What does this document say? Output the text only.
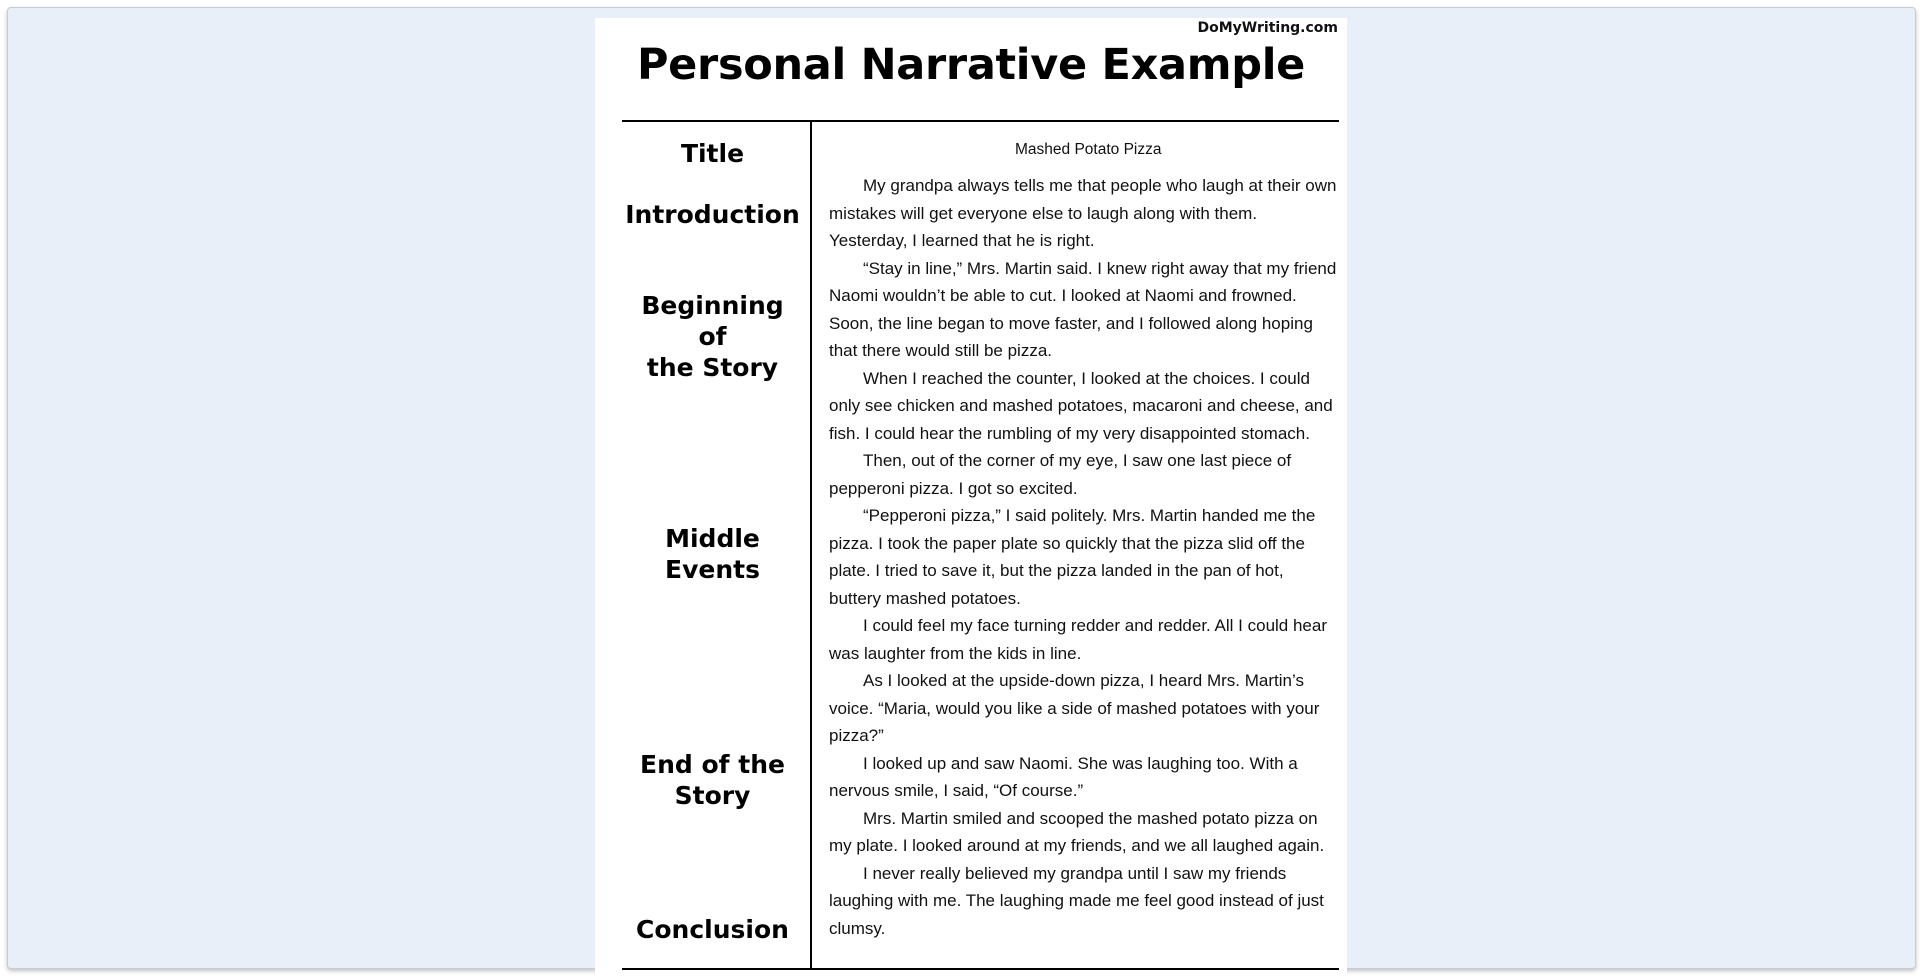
DoMyWriting.com
Personal Narrative Example
Title
Introduction
Beginning of
the Story
Middle Events
End of the
Story
Conclusion
Mashed Potato Pizza

My grandpa always tells me that people who laugh at their own mistakes will get everyone else to laugh along with them. Yesterday, I learned that he is right.

“Stay in line,” Mrs. Martin said. I knew right away that my friend Naomi wouldn’t be able to cut. I looked at Naomi and frowned. Soon, the line began to move faster, and I followed along hoping that there would still be pizza.

When I reached the counter, I looked at the choices. I could only see chicken and mashed potatoes, macaroni and cheese, and fish. I could hear the rumbling of my very disappointed stomach.

Then, out of the corner of my eye, I saw one last piece of pepperoni pizza. I got so excited.

“Pepperoni pizza,” I said politely. Mrs. Martin handed me the pizza. I took the paper plate so quickly that the pizza slid off the plate. I tried to save it, but the pizza landed in the pan of hot, buttery mashed potatoes.

I could feel my face turning redder and redder. All I could hear was laughter from the kids in line.

As I looked at the upside-down pizza, I heard Mrs. Martin’s voice. “Maria, would you like a side of mashed potatoes with your pizza?”

I looked up and saw Naomi. She was laughing too. With a nervous smile, I said, “Of course.”

Mrs. Martin smiled and scooped the mashed potato pizza on my plate. I looked around at my friends, and we all laughed again.

I never really believed my grandpa until I saw my friends laughing with me. The laughing made me feel good instead of just clumsy.
